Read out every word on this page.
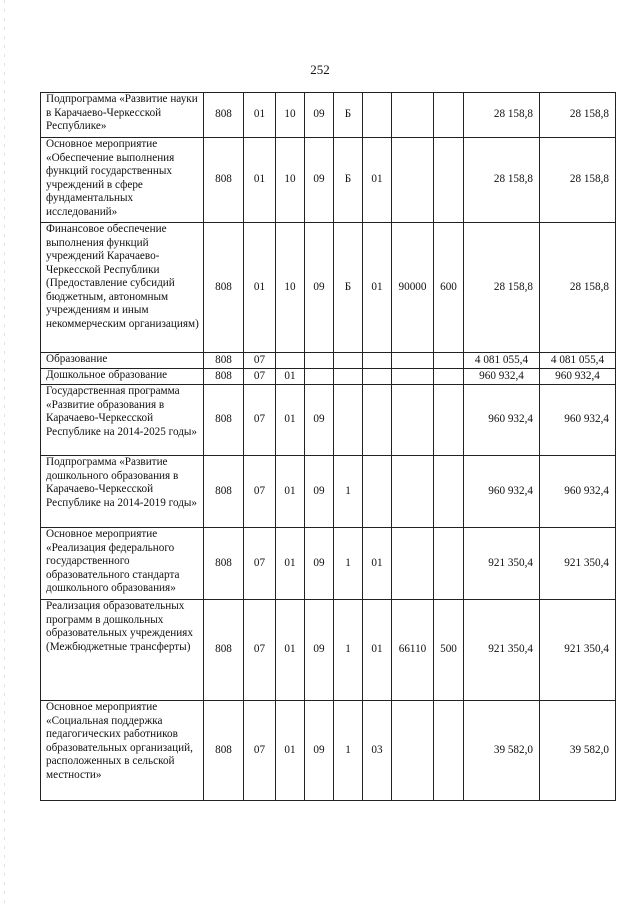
252
Подпрограмма «Развитие науки в Карачаево-Черкесской Республике»	808	01	10	09	Б				28 158,8	28 158,8
Основное мероприятие «Обеспечение выполнения функций государственных учреждений в сфере фундаментальных исследований»	808	01	10	09	Б	01			28 158,8	28 158,8
Финансовое обеспечение выполнения функций учреждений Карачаево-Черкесской Республики (Предоставление субсидий бюджетным, автономным учреждениям и иным некоммерческим организациям)	808	01	10	09	Б	01	90000	600	28 158,8	28 158,8
Образование	808	07							4 081 055,4	4 081 055,4
Дошкольное образование	808	07	01						960 932,4	960 932,4
Государственная программа «Развитие образования в Карачаево-Черкесской Республике на 2014-2025 годы»	808	07	01	09					960 932,4	960 932,4
Подпрограмма «Развитие дошкольного образования в Карачаево-Черкесской Республике на 2014-2019 годы»	808	07	01	09	1				960 932,4	960 932,4
Основное мероприятие «Реализация федерального государственного образовательного стандарта дошкольного образования»	808	07	01	09	1	01			921 350,4	921 350,4
Реализация образовательных программ в дошкольных образовательных учреждениях (Межбюджетные трансферты)	808	07	01	09	1	01	66110	500	921 350,4	921 350,4
Основное мероприятие «Социальная поддержка педагогических работников образовательных организаций, расположенных в сельской местности»	808	07	01	09	1	03			39 582,0	39 582,0
